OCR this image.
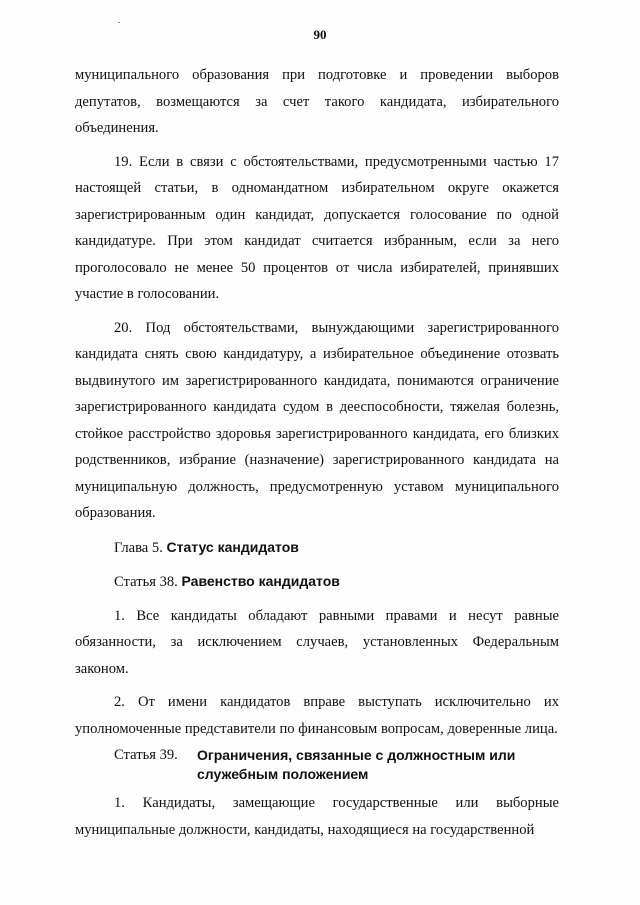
90

муниципального образования при подготовке и проведении выборов депутатов, возмещаются за счет такого кандидата, избирательного объединения.

19. Если в связи с обстоятельствами, предусмотренными частью 17 настоящей статьи, в одномандатном избирательном округе окажется зарегистрированным один кандидат, допускается голосование по одной кандидатуре. При этом кандидат считается избранным, если за него проголосовало не менее 50 процентов от числа избирателей, принявших участие в голосовании.

20. Под обстоятельствами, вынуждающими зарегистрированного кандидата снять свою кандидатуру, а избирательное объединение отозвать выдвинутого им зарегистрированного кандидата, понимаются ограничение зарегистрированного кандидата судом в дееспособности, тяжелая болезнь, стойкое расстройство здоровья зарегистрированного кандидата, его близких родственников, избрание (назначение) зарегистрированного кандидата на муниципальную должность, предусмотренную уставом муниципального образования.

Глава 5. Статус кандидатов

Статья 38. Равенство кандидатов

1. Все кандидаты обладают равными правами и несут равные обязанности, за исключением случаев, установленных Федеральным законом.

2. От имени кандидатов вправе выступать исключительно их уполномоченные представители по финансовым вопросам, доверенные лица.

Статья 39.	Ограничения, связанные с должностным или
служебным положением

1. Кандидаты, замещающие государственные или выборные муниципальные должности, кандидаты, находящиеся на государственной
